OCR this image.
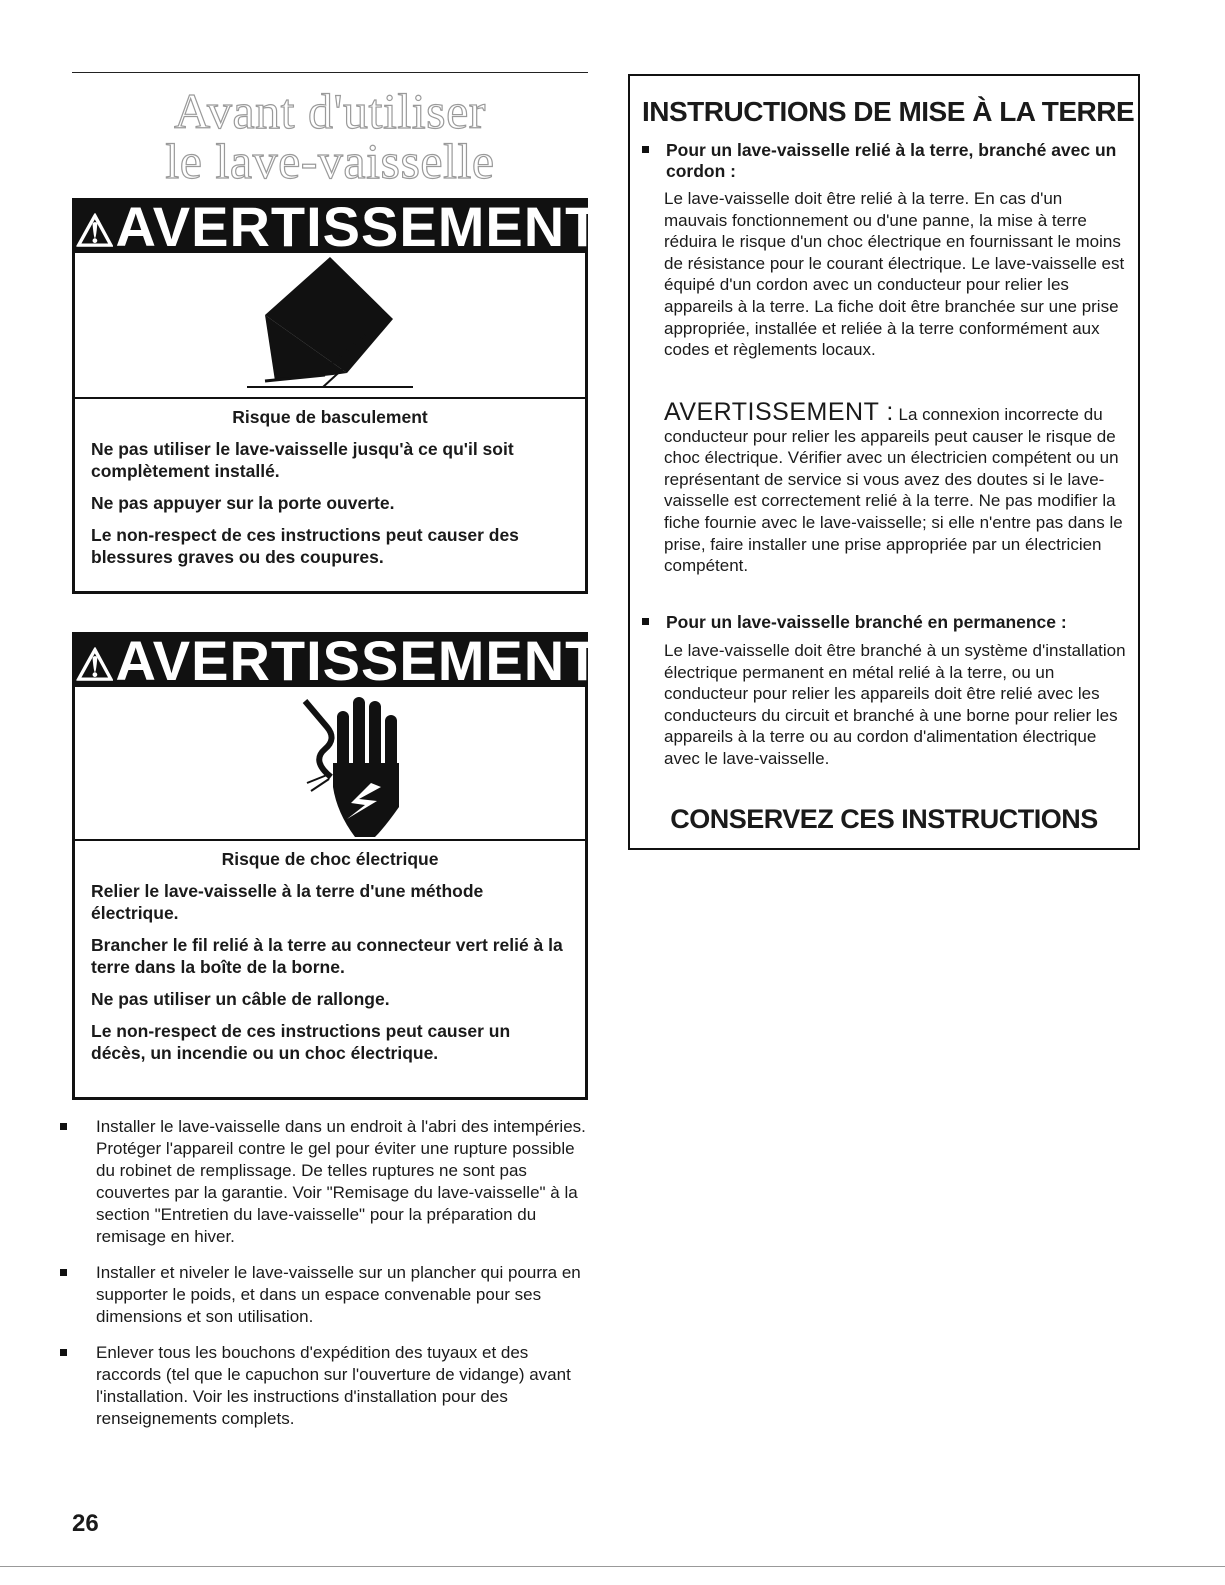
Avant d'utiliser
le lave-vaisselle
⚠AVERTISSEMENT
Risque de basculement

Ne pas utiliser le lave-vaisselle jusqu'à ce qu'il soit complètement installé.

Ne pas appuyer sur la porte ouverte.

Le non-respect de ces instructions peut causer des blessures graves ou des coupures.

⚠AVERTISSEMENT
Risque de choc électrique

Relier le lave-vaisselle à la terre d'une méthode électrique.

Brancher le fil relié à la terre au connecteur vert relié à la terre dans la boîte de la borne.

Ne pas utiliser un câble de rallonge.

Le non-respect de ces instructions peut causer un décès, un incendie ou un choc électrique.

Installer le lave-vaisselle dans un endroit à l'abri des intempéries. Protéger l'appareil contre le gel pour éviter une rupture possible du robinet de remplissage. De telles ruptures ne sont pas couvertes par la garantie. Voir "Remisage du lave-vaisselle" à la section "Entretien du lave-vaisselle" pour la préparation du remisage en hiver.
Installer et niveler le lave-vaisselle sur un plancher qui pourra en supporter le poids, et dans un espace convenable pour ses dimensions et son utilisation.
Enlever tous les bouchons d'expédition des tuyaux et des raccords (tel que le capuchon sur l'ouverture de vidange) avant l'installation. Voir les instructions d'installation pour des renseignements complets.
INSTRUCTIONS DE MISE À LA TERRE
Pour un lave-vaisselle relié à la terre, branché avec un cordon :
Le lave-vaisselle doit être relié à la terre. En cas d'un mauvais fonctionnement ou d'une panne, la mise à terre réduira le risque d'un choc électrique en fournissant le moins de résistance pour le courant électrique. Le lave-vaisselle est équipé d'un cordon avec un conducteur pour relier les appareils à la terre. La fiche doit être branchée sur une prise appropriée, installée et reliée à la terre conformément aux codes et règlements locaux.
AVERTISSEMENT : La connexion incorrecte du conducteur pour relier les appareils peut causer le risque de choc électrique. Vérifier avec un électricien compétent ou un représentant de service si vous avez des doutes si le lave-vaisselle est correctement relié à la terre. Ne pas modifier la fiche fournie avec le lave-vaisselle; si elle n'entre pas dans le prise, faire installer une prise appropriée par un électricien compétent.
Pour un lave-vaisselle branché en permanence :
Le lave-vaisselle doit être branché à un système d'installation électrique permanent en métal relié à la terre, ou un conducteur pour relier les appareils doit être relié avec les conducteurs du circuit et branché à une borne pour relier les appareils à la terre ou au cordon d'alimentation électrique avec le lave-vaisselle.
CONSERVEZ CES INSTRUCTIONS
26
